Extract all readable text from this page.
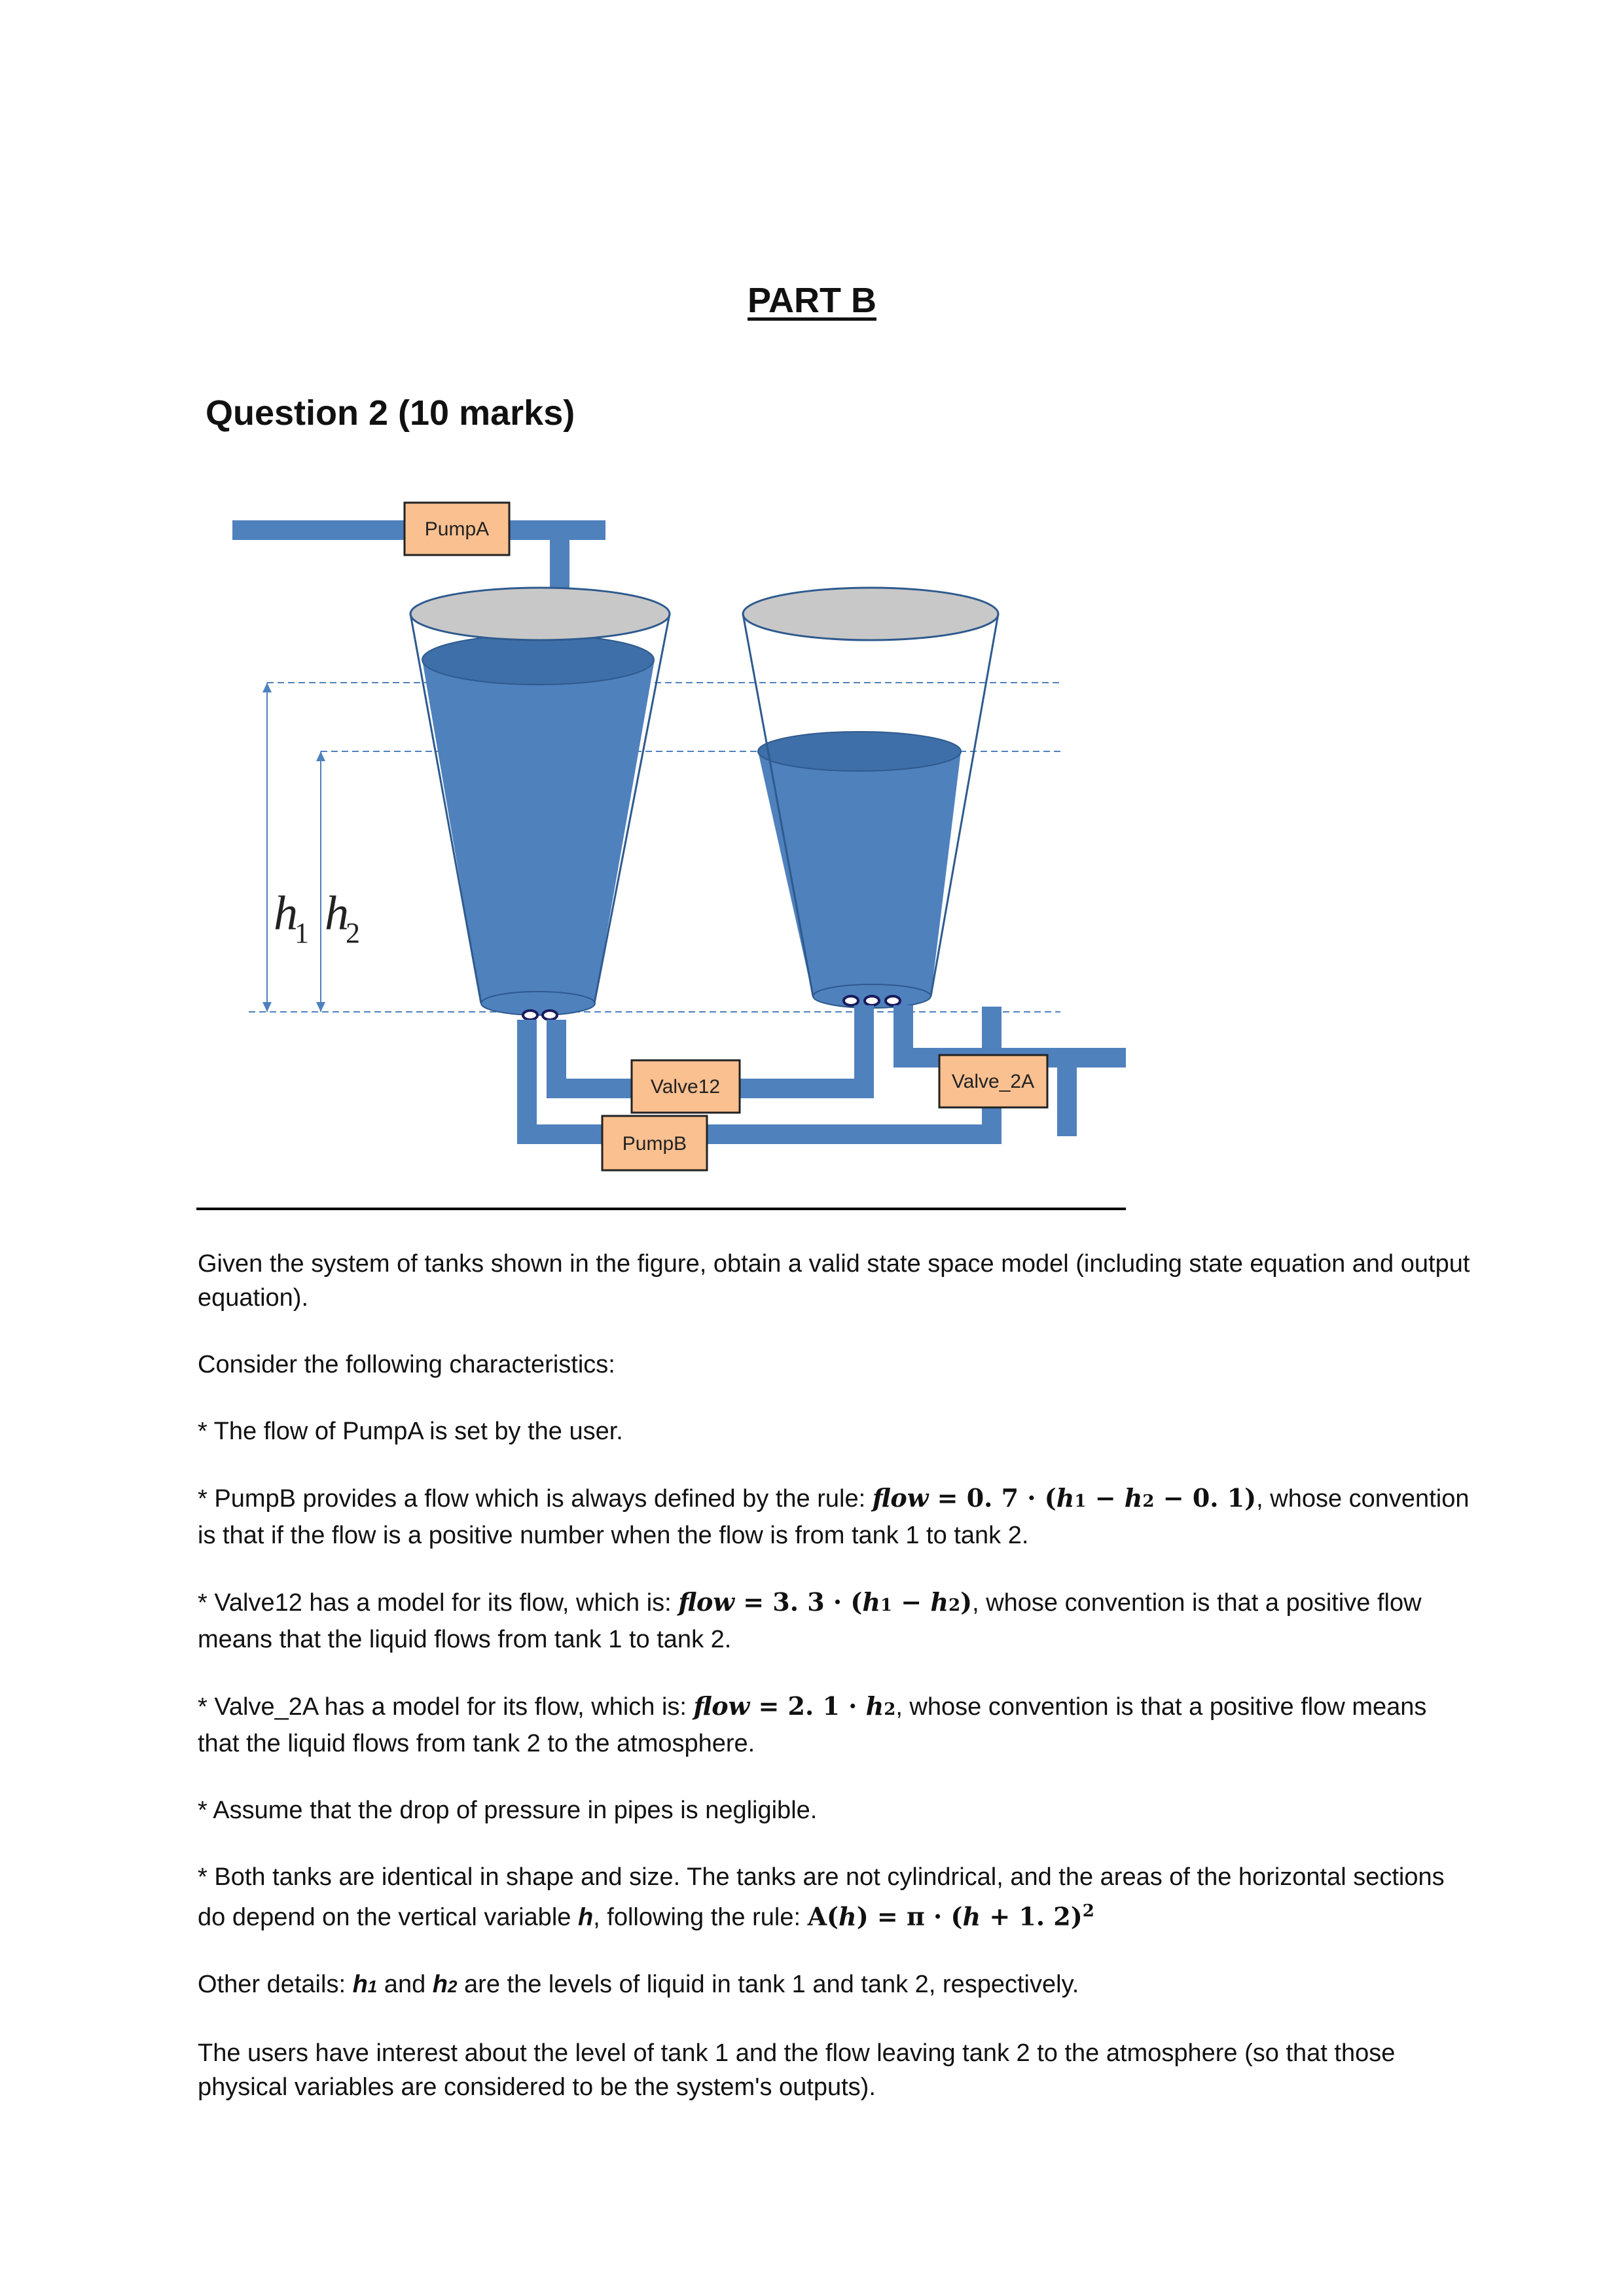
PART B
Question 2 (10 marks)
PumpA
h
1 h
2
Valve12
PumpB
Valve_2A

Given the system of tanks shown in the figure, obtain a valid state space model (including state equation and output equation).

Consider the following characteristics:

* The flow of PumpA is set by the user.

* PumpB provides a flow which is always defined by the rule: flow = 0. 7 · (h1 − h2 − 0. 1), whose convention is that if the flow is a positive number when the flow is from tank 1 to tank 2.

* Valve12 has a model for its flow, which is: flow = 3. 3 · (h1 − h2), whose convention is that a positive flow means that the liquid flows from tank 1 to tank 2.

* Valve_2A has a model for its flow, which is: flow = 2. 1 · h2, whose convention is that a positive flow means that the liquid flows from tank 2 to the atmosphere.

* Assume that the drop of pressure in pipes is negligible.

* Both tanks are identical in shape and size. The tanks are not cylindrical, and the areas of the horizontal sections do depend on the vertical variable h, following the rule: A(h) = π · (h + 1. 2)$^2$

Other details: h1 and h2 are the levels of liquid in tank 1 and tank 2, respectively.

The users have interest about the level of tank 1 and the flow leaving tank 2 to the atmosphere (so that those physical variables are considered to be the system's outputs).
